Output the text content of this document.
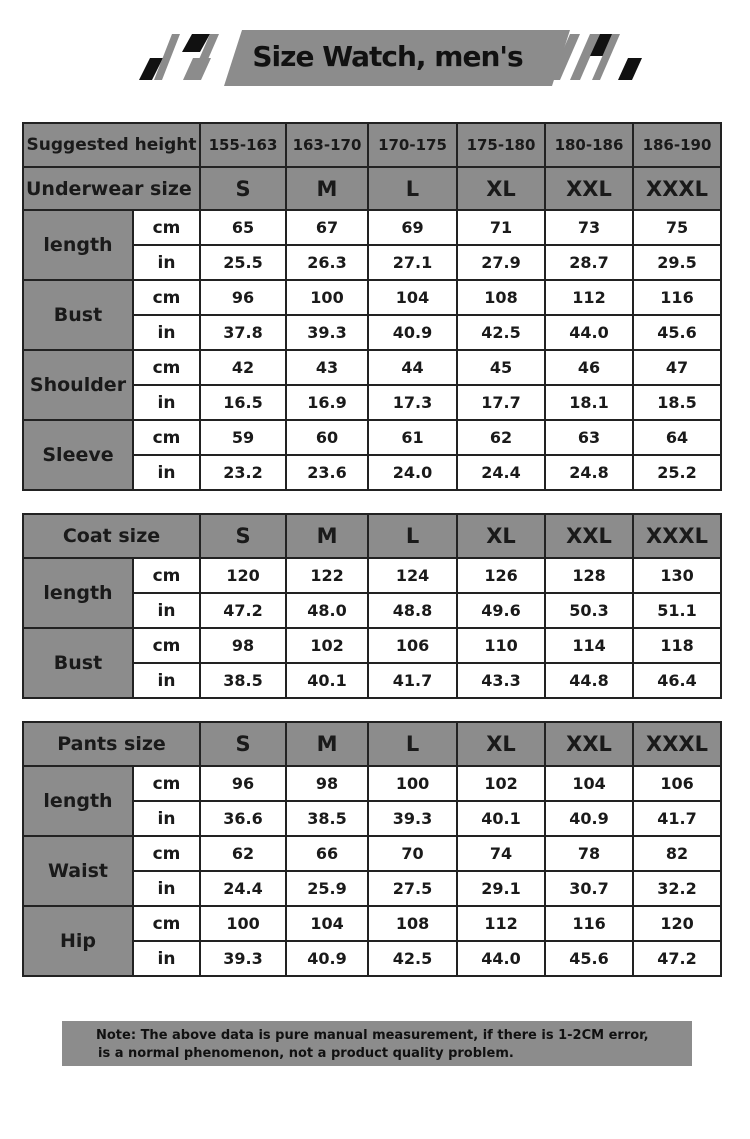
Size Watch, men's
Suggested height		155-163	163-170	170-175	175-180	180-186	186-190
Underwear size		S	M	L	XL	XXL	XXXL
length	cm	65	67	69	71	73	75
	in	25.5	26.3	27.1	27.9	28.7	29.5
Bust	cm	96	100	104	108	112	116
	in	37.8	39.3	40.9	42.5	44.0	45.6
Shoulder	cm	42	43	44	45	46	47
	in	16.5	16.9	17.3	17.7	18.1	18.5
Sleeve	cm	59	60	61	62	63	64
	in	23.2	23.6	24.0	24.4	24.8	25.2
Coat size		S	M	L	XL	XXL	XXXL
length	cm	120	122	124	126	128	130
	in	47.2	48.0	48.8	49.6	50.3	51.1
Bust	cm	98	102	106	110	114	118
	in	38.5	40.1	41.7	43.3	44.8	46.4
Pants size		S	M	L	XL	XXL	XXXL
length	cm	96	98	100	102	104	106
	in	36.6	38.5	39.3	40.1	40.9	41.7
Waist	cm	62	66	70	74	78	82
	in	24.4	25.9	27.5	29.1	30.7	32.2
Hip	cm	100	104	108	112	116	120
	in	39.3	40.9	42.5	44.0	45.6	47.2
Note: The above data is pure manual measurement, if there is 1-2CM error,
is a normal phenomenon, not a product quality problem.
